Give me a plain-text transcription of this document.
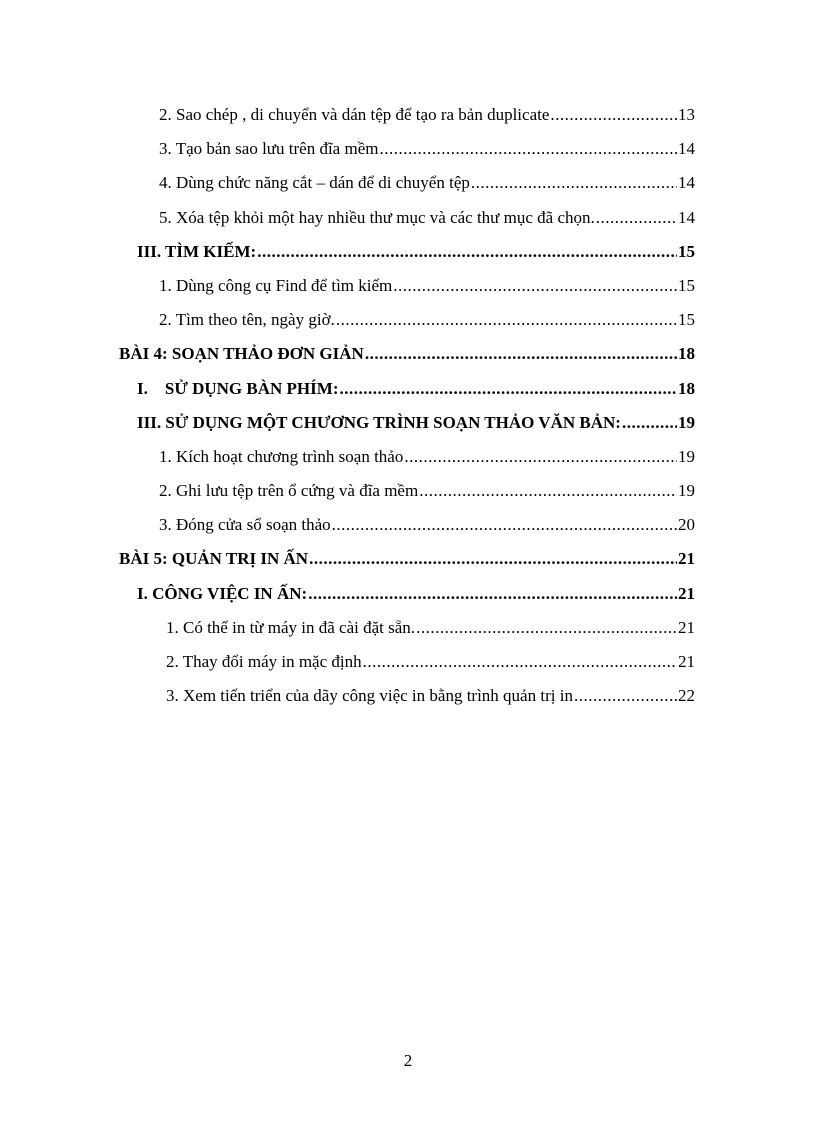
2. Sao chép , di chuyển và dán tệp để tạo ra bản duplicate .....	13
3. Tạo bản sao lưu trên đĩa mềm .....	14
4. Dùng chức năng cắt – dán để di chuyển tệp .....	14
5. Xóa tệp khỏi một hay nhiều thư mục và các thư mục đã chọn. .....	14
III. TÌM KIẾM: .....	15
1. Dùng công cụ Find để tìm kiếm .....	15
2. Tìm theo tên, ngày giờ. .....	15
BÀI 4: SOẠN THẢO ĐƠN GIẢN .....	18
I.    SỬ DỤNG BÀN PHÍM: .....	18
III. SỬ DỤNG MỘT CHƯƠNG TRÌNH SOẠN THẢO VĂN BẢN: .....	19
1. Kích hoạt chương trình soạn thảo .....	19
2. Ghi lưu tệp trên ổ cứng và đĩa mềm .....	19
3. Đóng cửa sổ soạn thảo .....	20
BÀI 5: QUẢN TRỊ IN ẤN .....	21
I. CÔNG VIỆC IN ẤN: .....	21
1. Có thể in từ máy in đã cài đặt sẵn. .....	21
2. Thay đổi máy in mặc định .....	21
3. Xem tiến triển của dãy công việc in bằng trình quản trị in .....	22
2
